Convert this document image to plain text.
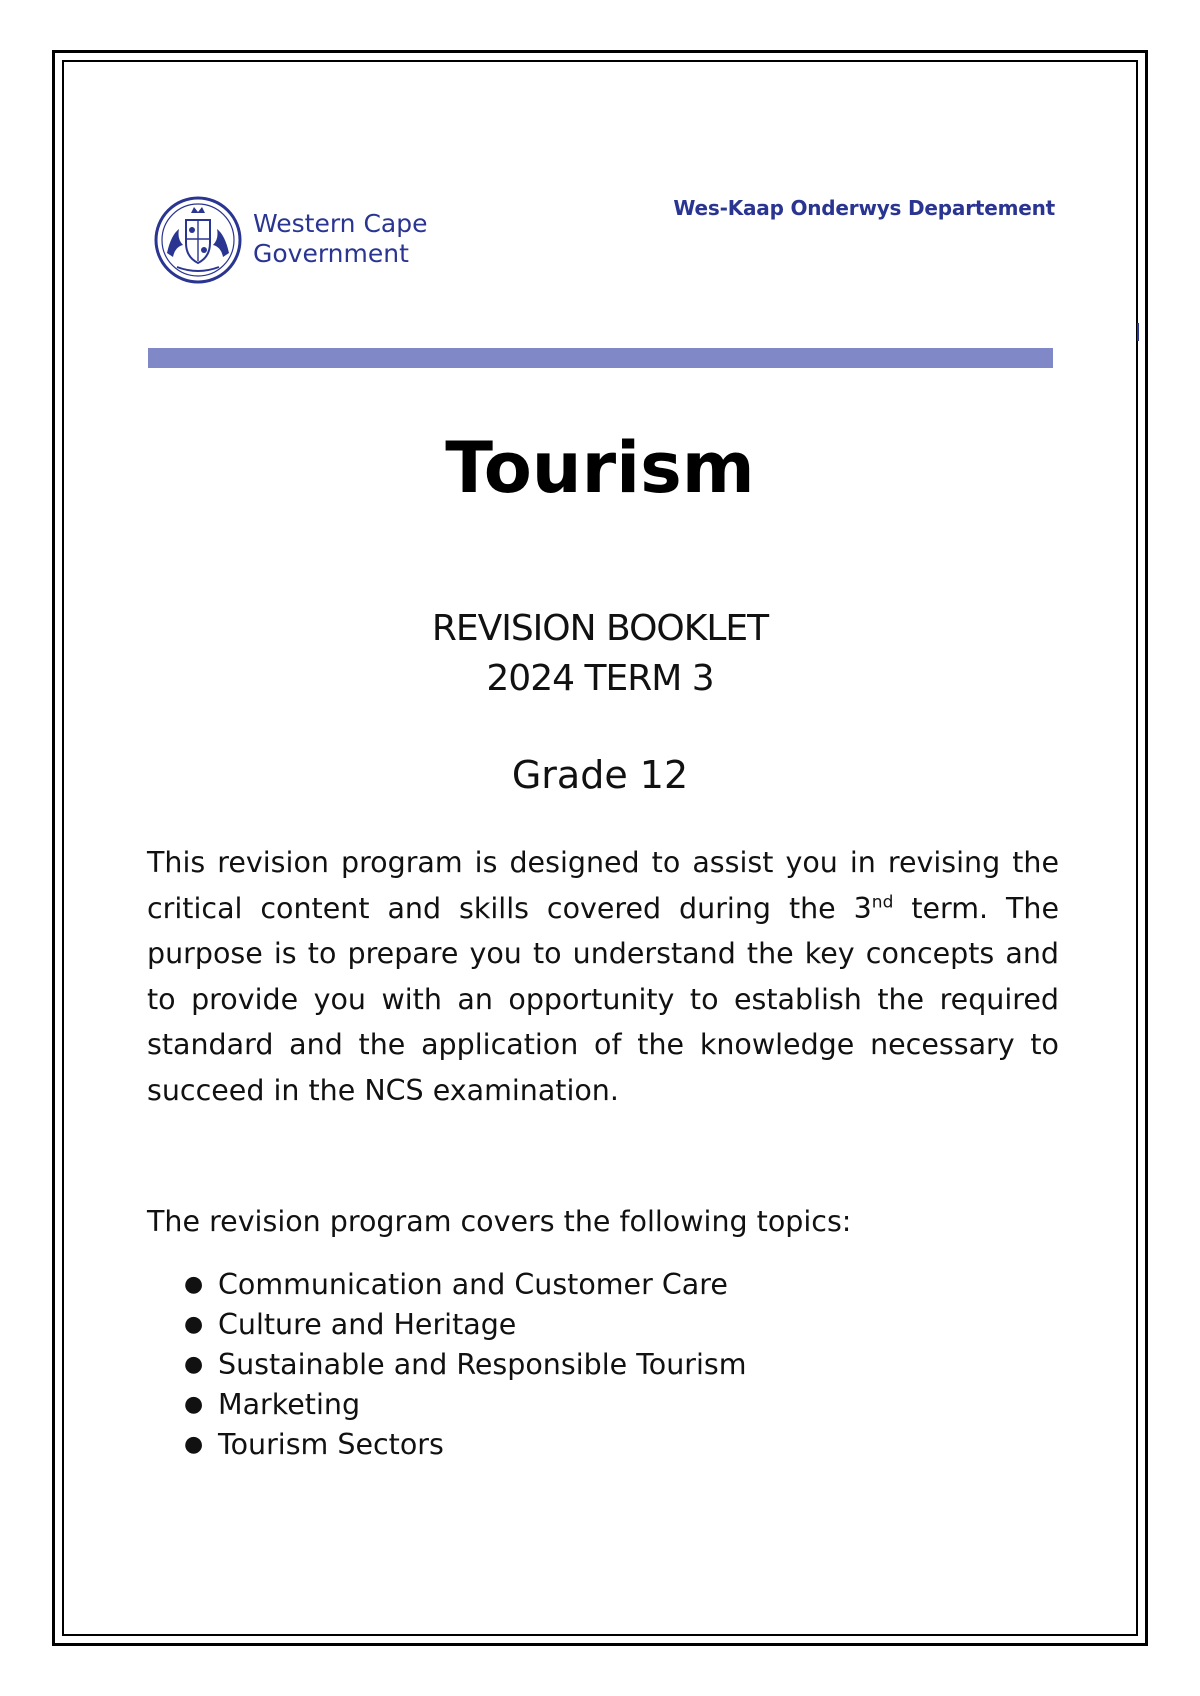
Western Cape
Government
Wes-Kaap Onderwys Departement
Tourism
REVISION BOOKLET
2024 TERM 3
Grade 12

This revision program is designed to assist you in revising the critical content and skills covered during the 3nd term. The purpose is to prepare you to understand the key concepts and to provide you with an opportunity to establish the required standard and the application of the knowledge necessary to succeed in the NCS examination.

The revision program covers the following topics:

● Communication and Customer Care
● Culture and Heritage
● Sustainable and Responsible Tourism
● Marketing
● Tourism Sectors
